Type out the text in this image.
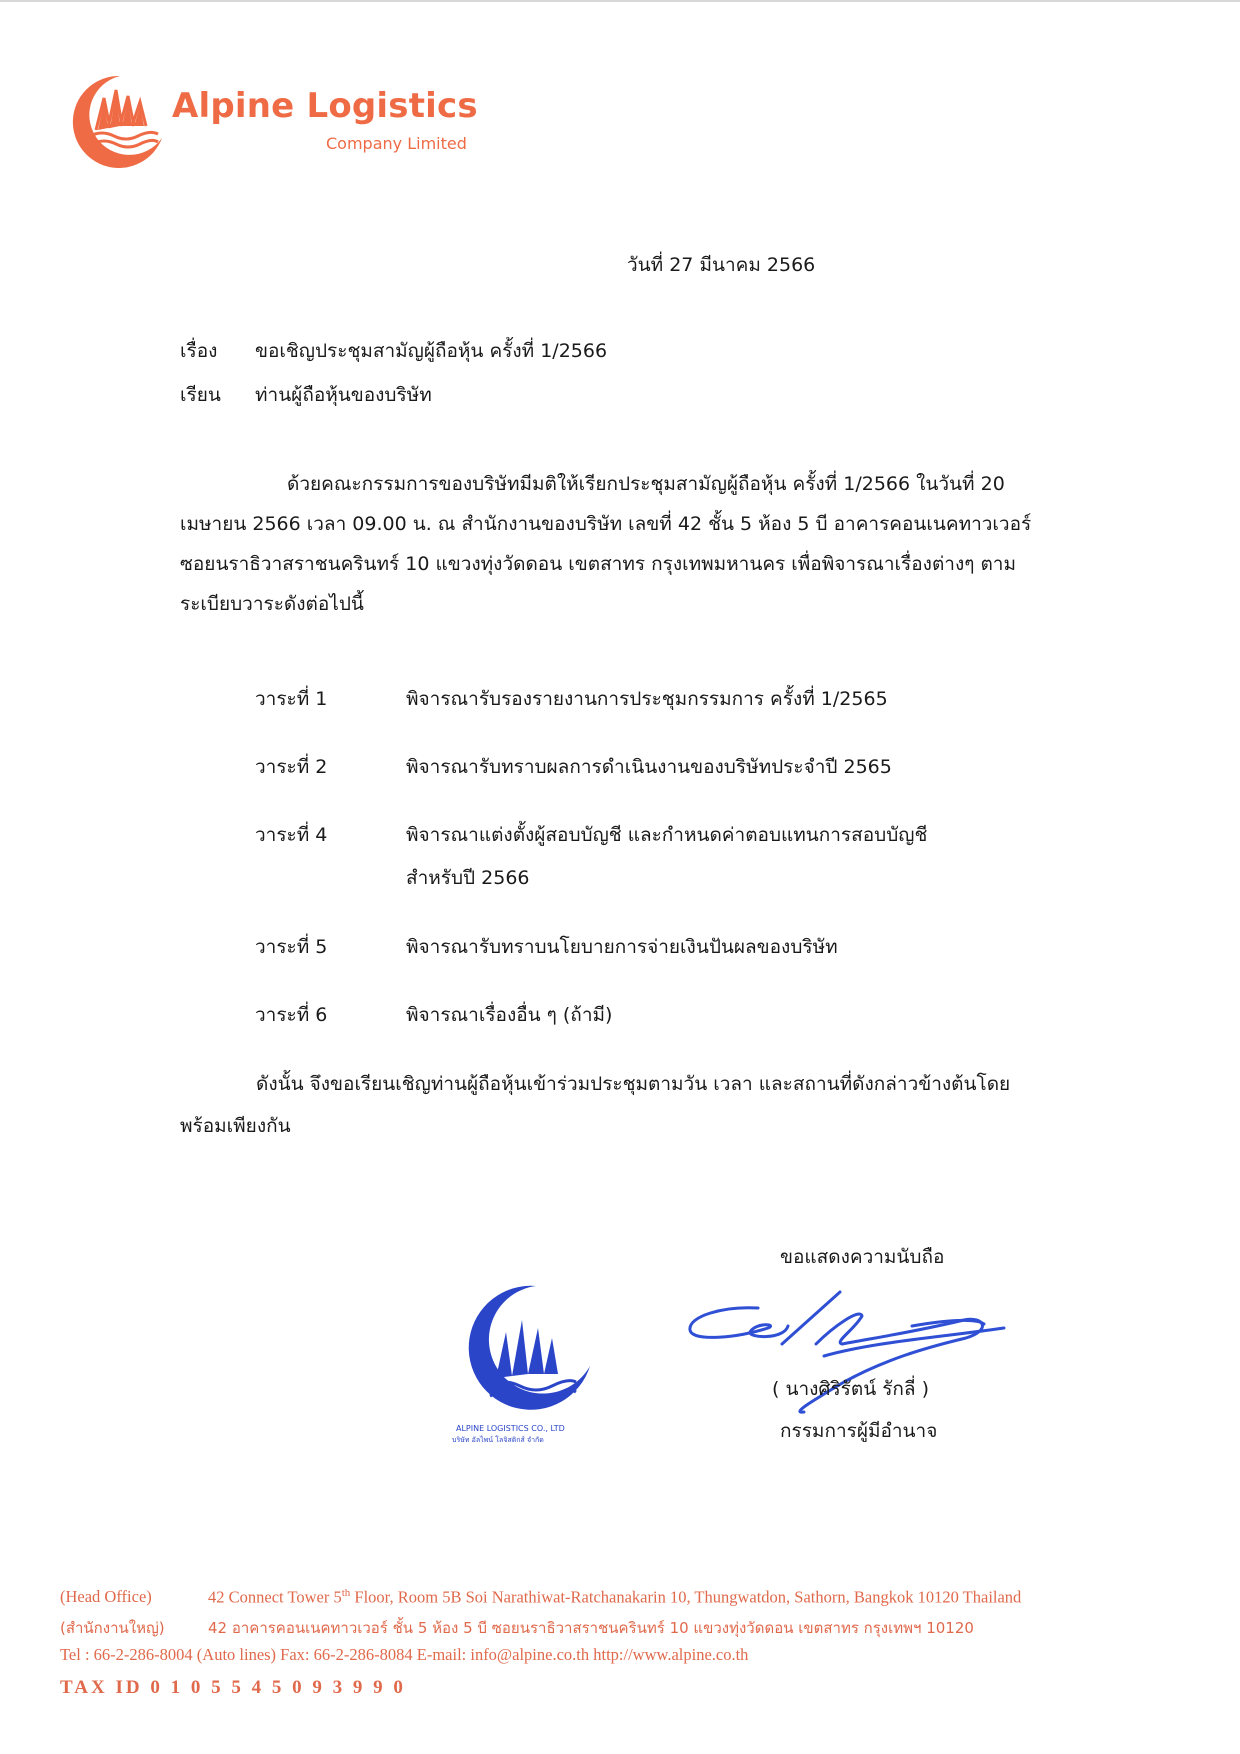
Alpine Logistics
Company Limited
วันที่ 27 มีนาคม 2566
เรื่อง ขอเชิญประชุมสามัญผู้ถือหุ้น ครั้งที่ 1/2566
เรียน ท่านผู้ถือหุ้นของบริษัท
ด้วยคณะกรรมการของบริษัทมีมติให้เรียกประชุมสามัญผู้ถือหุ้น ครั้งที่ 1/2566 ในวันที่ 20
เมษายน 2566 เวลา 09.00 น. ณ สำนักงานของบริษัท เลขที่ 42 ชั้น 5 ห้อง 5 บี อาคารคอนเนคทาวเวอร์
ซอยนราธิวาสราชนครินทร์ 10 แขวงทุ่งวัดดอน เขตสาทร กรุงเทพมหานคร เพื่อพิจารณาเรื่องต่างๆ ตาม
ระเบียบวาระดังต่อไปนี้
วาระที่ 1	พิจารณารับรองรายงานการประชุมกรรมการ ครั้งที่ 1/2565
วาระที่ 2	พิจารณารับทราบผลการดำเนินงานของบริษัทประจำปี 2565
วาระที่ 4	พิจารณาแต่งตั้งผู้สอบบัญชี และกำหนดค่าตอบแทนการสอบบัญชี
สำหรับปี 2566
วาระที่ 5	พิจารณารับทราบนโยบายการจ่ายเงินปันผลของบริษัท
วาระที่ 6	พิจารณาเรื่องอื่น ๆ (ถ้ามี)
ดังนั้น จึงขอเรียนเชิญท่านผู้ถือหุ้นเข้าร่วมประชุมตามวัน เวลา และสถานที่ดังกล่าวข้างต้นโดย
พร้อมเพียงกัน
ขอแสดงความนับถือ
ALPINE LOGISTICS CO., LTD
บริษัท อัลไพน์ โลจิสติกส์ จำกัด
( นางศิริรัตน์ รักลี่ )
กรรมการผู้มีอำนาจ
(Head Office)	42 Connect Tower 5th Floor, Room 5B Soi Narathiwat-Ratchanakarin 10, Thungwatdon, Sathorn, Bangkok 10120 Thailand
(สำนักงานใหญ่)	42 อาคารคอนเนคทาวเวอร์ ชั้น 5 ห้อง 5 บี ซอยนราธิวาสราชนครินทร์ 10 แขวงทุ่งวัดดอน เขตสาทร กรุงเทพฯ 10120
Tel : 66-2-286-8004 (Auto lines) Fax: 66-2-286-8084 E-mail: info@alpine.co.th http://www.alpine.co.th
TAX ID 0 1 0 5 5 4 5 0 9 3 9 9 0
